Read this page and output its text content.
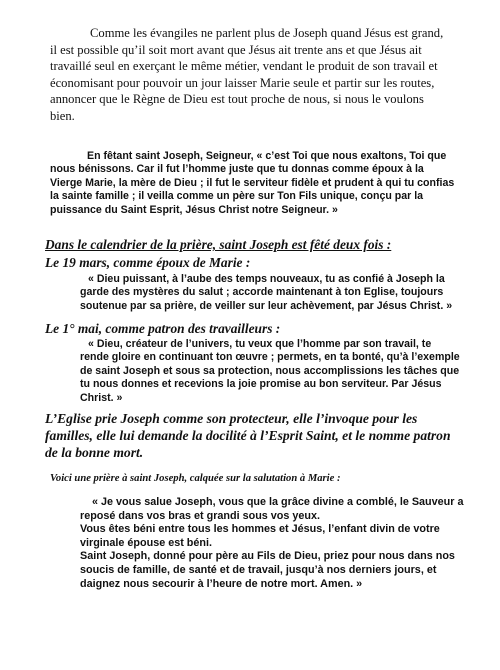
Comme les évangiles ne parlent plus de Joseph quand Jésus est grand, il est possible qu’il soit mort avant que Jésus ait trente ans et que Jésus ait travaillé seul en exerçant le même métier, vendant le produit de son travail et économisant pour pouvoir un jour laisser Marie seule et partir sur les routes, annoncer que le Règne de Dieu est tout proche de nous, si nous le voulons bien.

En fêtant saint Joseph, Seigneur, « c’est Toi que nous exaltons, Toi que nous bénissons. Car il fut l’homme juste que tu donnas comme époux à la Vierge Marie, la mère de Dieu ; il fut le serviteur fidèle et prudent à qui tu confias la sainte famille ; il veilla comme un père sur Ton Fils unique, conçu par la puissance du Saint Esprit, Jésus Christ notre Seigneur. »

Dans le calendrier de la prière, saint Joseph est fêté deux fois :

Le 19 mars, comme époux de Marie :

« Dieu puissant, à l’aube des temps nouveaux, tu as confié à Joseph la garde des mystères du salut ; accorde maintenant à ton Eglise, toujours soutenue par sa prière, de veiller sur leur achèvement, par Jésus Christ. »

Le 1° mai, comme patron des travailleurs :

« Dieu, créateur de l’univers, tu veux que l’homme par son travail, te rende gloire en continuant ton œuvre ; permets, en ta bonté, qu’à l’exemple de saint Joseph et sous sa protection, nous accomplissions les tâches que tu nous donnes et recevions la joie promise au bon serviteur. Par Jésus Christ. »

L’Eglise prie Joseph comme son protecteur, elle l’invoque pour les familles, elle lui demande la docilité à l’Esprit Saint, et le nomme patron de la bonne mort.

Voici une prière à saint Joseph, calquée sur la salutation à Marie :

« Je vous salue Joseph, vous que la grâce divine a comblé, le Sauveur a reposé dans vos bras et grandi sous vos yeux.
Vous êtes béni entre tous les hommes et Jésus, l’enfant divin de votre virginale épouse est béni.
Saint Joseph, donné pour père au Fils de Dieu, priez pour nous dans nos soucis de famille, de santé et de travail, jusqu’à nos derniers jours, et daignez nous secourir à l’heure de notre mort. Amen. »
